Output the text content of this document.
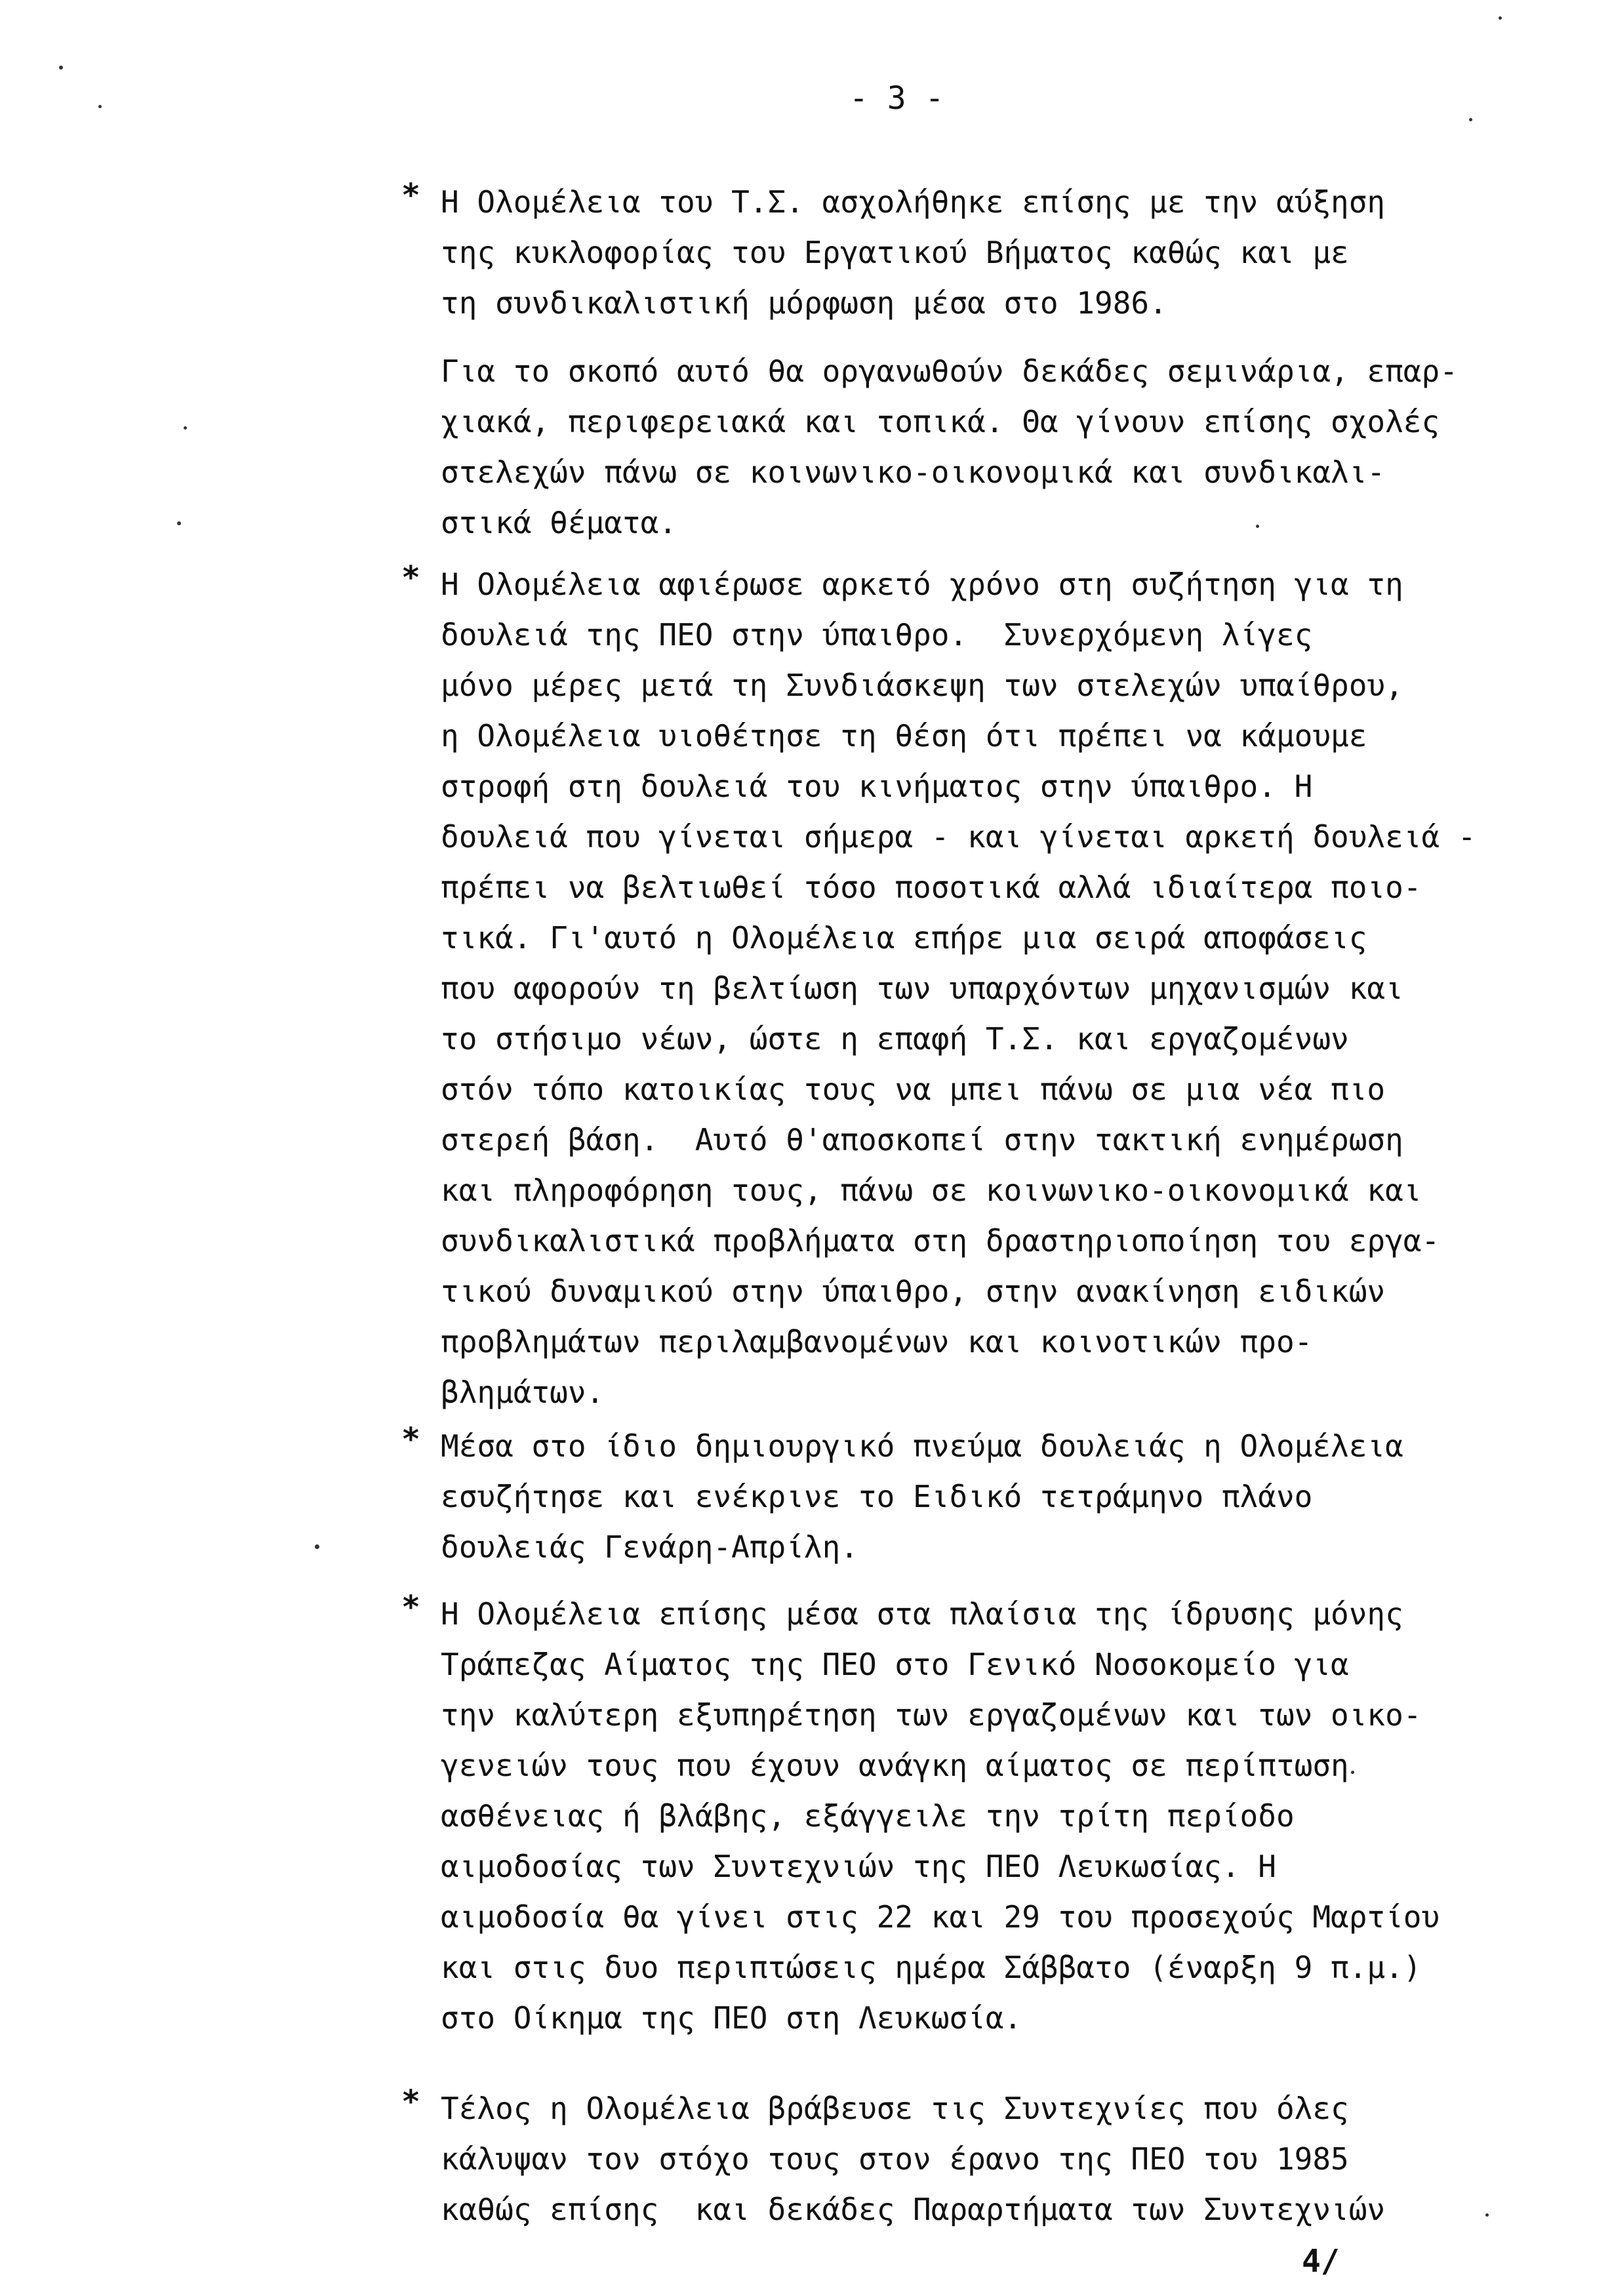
- 3 -
* Η Ολομέλεια του Τ.Σ. ασχολήθηκε επίσης με την αύξηση
της κυκλοφορίας του Εργατικού Βήματος καθώς και με
τη συνδικαλιστική μόρφωση μέσα στο 1986.
Για το σκοπό αυτό θα οργανωθούν δεκάδες σεμινάρια, επαρ-
χιακά, περιφερειακά και τοπικά. Θα γίνουν επίσης σχολές
στελεχών πάνω σε κοινωνικο-οικονομικά και συνδικαλι-
στικά θέματα.
* Η Ολομέλεια αφιέρωσε αρκετό χρόνο στη συζήτηση για τη
δουλειά της ΠΕΟ στην ύπαιθρο.  Συνερχόμενη λίγες
μόνο μέρες μετά τη Συνδιάσκεψη των στελεχών υπαίθρου,
η Ολομέλεια υιοθέτησε τη θέση ότι πρέπει να κάμουμε
στροφή στη δουλειά του κινήματος στην ύπαιθρο. Η
δουλειά που γίνεται σήμερα - και γίνεται αρκετή δουλειά -
πρέπει να βελτιωθεί τόσο ποσοτικά αλλά ιδιαίτερα ποιο-
τικά. Γι'αυτό η Ολομέλεια επήρε μια σειρά αποφάσεις
που αφορούν τη βελτίωση των υπαρχόντων μηχανισμών και
το στήσιμο νέων, ώστε η επαφή Τ.Σ. και εργαζομένων
στόν τόπο κατοικίας τους να μπει πάνω σε μια νέα πιο
στερεή βάση.  Αυτό θ'αποσκοπεί στην τακτική ενημέρωση
και πληροφόρηση τους, πάνω σε κοινωνικο-οικονομικά και
συνδικαλιστικά προβλήματα στη δραστηριοποίηση του εργα-
τικού δυναμικού στην ύπαιθρο, στην ανακίνηση ειδικών
προβλημάτων περιλαμβανομένων και κοινοτικών προ-
βλημάτων.
* Μέσα στο ίδιο δημιουργικό πνεύμα δουλειάς η Ολομέλεια
εσυζήτησε και ενέκρινε το Ειδικό τετράμηνο πλάνο
δουλειάς Γενάρη-Απρίλη.
* Η Ολομέλεια επίσης μέσα στα πλαίσια της ίδρυσης μόνης
Τράπεζας Αίματος της ΠΕΟ στο Γενικό Νοσοκομείο για
την καλύτερη εξυπηρέτηση των εργαζομένων και των οικο-
γενειών τους που έχουν ανάγκη αίματος σε περίπτωση
ασθένειας ή βλάβης, εξάγγειλε την τρίτη περίοδο
αιμοδοσίας των Συντεχνιών της ΠΕΟ Λευκωσίας. Η
αιμοδοσία θα γίνει στις 22 και 29 του προσεχούς Μαρτίου
και στις δυο περιπτώσεις ημέρα Σάββατο (έναρξη 9 π.μ.)
στο Οίκημα της ΠΕΟ στη Λευκωσία.
* Τέλος η Ολομέλεια βράβευσε τις Συντεχνίες που όλες
κάλυψαν τον στόχο τους στον έρανο της ΠΕΟ του 1985
καθώς επίσης  και δεκάδες Παραρτήματα των Συντεχνιών
4/
